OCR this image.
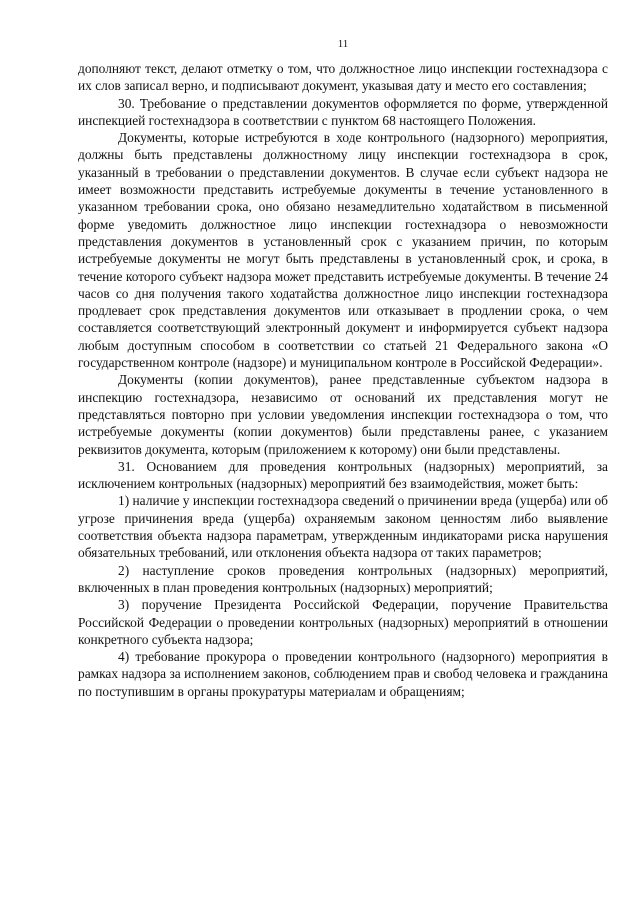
11

дополняют текст, делают отметку о том, что должностное лицо инспекции гостехнадзора с их слов записал верно, и подписывают документ, указывая дату и место его составления;

30. Требование о представлении документов оформляется по форме, утвержденной инспекцией гостехнадзора в соответствии с пунктом 68 настоящего Положения.

Документы, которые истребуются в ходе контрольного (надзорного) мероприятия, должны быть представлены должностному лицу инспекции гостехнадзора в срок, указанный в требовании о представлении документов. В случае если субъект надзора не имеет возможности представить истребуемые документы в течение установленного в указанном требовании срока, оно обязано незамедлительно ходатайством в письменной форме уведомить должностное лицо инспекции гостехнадзора о невозможности представления документов в установленный срок с указанием причин, по которым истребуемые документы не могут быть представлены в установленный срок, и срока, в течение которого субъект надзора может представить истребуемые документы. В течение 24 часов со дня получения такого ходатайства должностное лицо инспекции гостехнадзора продлевает срок представления документов или отказывает в продлении срока, о чем составляется соответствующий электронный документ и информируется субъект надзора любым доступным способом в соответствии со статьей 21 Федерального закона «О государственном контроле (надзоре) и муниципальном контроле в Российской Федерации».

Документы (копии документов), ранее представленные субъектом надзора в инспекцию гостехнадзора, независимо от оснований их представления могут не представляться повторно при условии уведомления инспекции гостехнадзора о том, что истребуемые документы (копии документов) были представлены ранее, с указанием реквизитов документа, которым (приложением к которому) они были представлены.

31. Основанием для проведения контрольных (надзорных) мероприятий, за исключением контрольных (надзорных) мероприятий без взаимодействия, может быть:

1) наличие у инспекции гостехнадзора сведений о причинении вреда (ущерба) или об угрозе причинения вреда (ущерба) охраняемым законом ценностям либо выявление соответствия объекта надзора параметрам, утвержденным индикаторами риска нарушения обязательных требований, или отклонения объекта надзора от таких параметров;

2) наступление сроков проведения контрольных (надзорных) мероприятий, включенных в план проведения контрольных (надзорных) мероприятий;

3) поручение Президента Российской Федерации, поручение Правительства Российской Федерации о проведении контрольных (надзорных) мероприятий в отношении конкретного субъекта надзора;

4) требование прокурора о проведении контрольного (надзорного) мероприятия в рамках надзора за исполнением законов, соблюдением прав и свобод человека и гражданина по поступившим в органы прокуратуры материалам и обращениям;
